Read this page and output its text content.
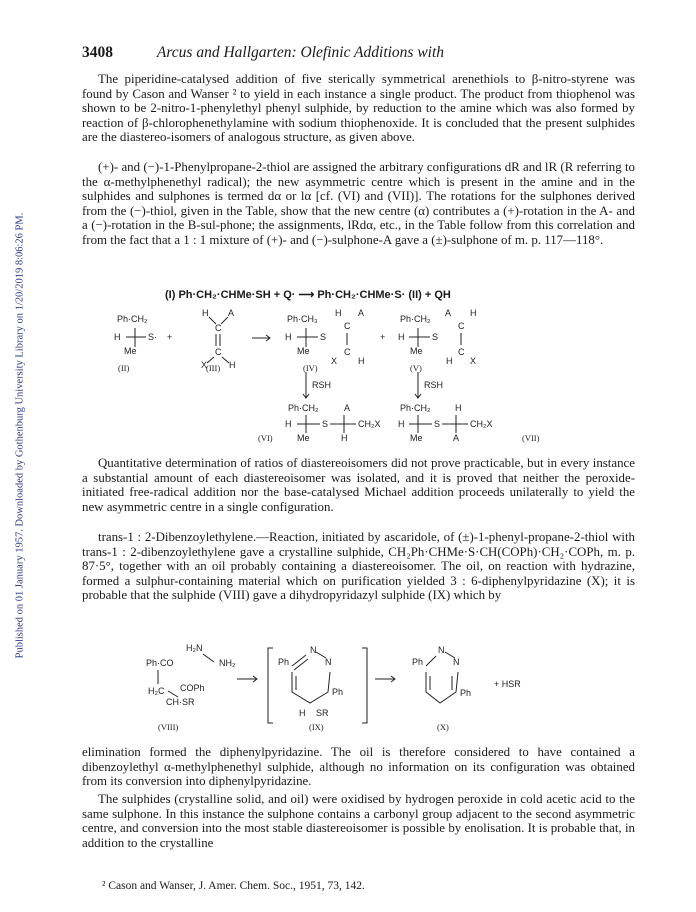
Published on 01 January 1957. Downloaded by Gothenburg University Library on 1/20/2019 8:06:26 PM.
3408	Arcus and Hallgarten: Olefinic Additions with

The piperidine-catalysed addition of five sterically symmetrical arenethiols to β-nitro-styrene was found by Cason and Wanser ² to yield in each instance a single product. The product from thiophenol was shown to be 2-nitro-1-phenylethyl phenyl sulphide, by reduction to the amine which was also formed by reaction of β-chlorophenethylamine with sodium thiophenoxide. It is concluded that the present sulphides are the diastereo-isomers of analogous structure, as given above.

(+)- and (−)-1-Phenylpropane-2-thiol are assigned the arbitrary configurations dR and lR (R referring to the α-methylphenethyl radical); the new asymmetric centre which is present in the amine and in the sulphides and sulphones is termed dα or lα [cf. (VI) and (VII)]. The rotations for the sulphones derived from the (−)-thiol, given in the Table, show that the new centre (α) contributes a (+)-rotation in the A- and a (−)-rotation in the B-sul-phone; the assignments, lRdα, etc., in the Table follow from this correlation and from the fact that a 1 : 1 mixture of (+)- and (−)-sulphone-A gave a (±)-sulphone of m. p. 117—118°.

(I) Ph·CH₂·CHMe·SH + Q· ⟶ Ph·CH₂·CHMe·S· (II) + QH
Ph·CH₂
H	S·
Me
(II)
+
H A
C
C
X H
(III)
Ph·CH₃
H A
H	S
C
C
Me
X H
(IV)
+
Ph·CH₂
A H
H	S
C
C
Me
H X
(V)
RSH	RSH
Ph·CH₂	A
H	S	CH₂X
Me	H
(VI)
Ph·CH₂	H
H	S	CH₂X
Me	A	(VII)
H₂N
NH₂
Ph·CO
H₂C COPh
CH·SR
(VIII)
Ph
N
N
Ph
H SR
(IX)
Ph
N
N
Ph
(X)
+ HSR

Quantitative determination of ratios of diastereoisomers did not prove practicable, but in every instance a substantial amount of each diastereoisomer was isolated, and it is proved that neither the peroxide-initiated free-radical addition nor the base-catalysed Michael addition proceeds unilaterally to yield the new asymmetric centre in a single configuration.

trans-1 : 2-Dibenzoylethylene.—Reaction, initiated by ascaridole, of (±)-1-phenyl-propane-2-thiol with trans-1 : 2-dibenzoylethylene gave a crystalline sulphide, CH₂Ph·CHMe·S·CH(COPh)·CH₂·COPh, m. p. 87·5°, together with an oil probably containing a diastereoisomer. The oil, on reaction with hydrazine, formed a sulphur-containing material which on purification yielded 3 : 6-diphenylpyridazine (X); it is probable that the sulphide (VIII) gave a dihydropyridazyl sulphide (IX) which by

elimination formed the diphenylpyridazine. The oil is therefore considered to have contained a dibenzoylethyl α-methylphenethyl sulphide, although no information on its configuration was obtained from its conversion into diphenylpyridazine.

The sulphides (crystalline solid, and oil) were oxidised by hydrogen peroxide in cold acetic acid to the same sulphone. In this instance the sulphone contains a carbonyl group adjacent to the second asymmetric centre, and conversion into the most stable diastereoisomer is possible by enolisation. It is probable that, in addition to the crystalline

² Cason and Wanser, J. Amer. Chem. Soc., 1951, 73, 142.
